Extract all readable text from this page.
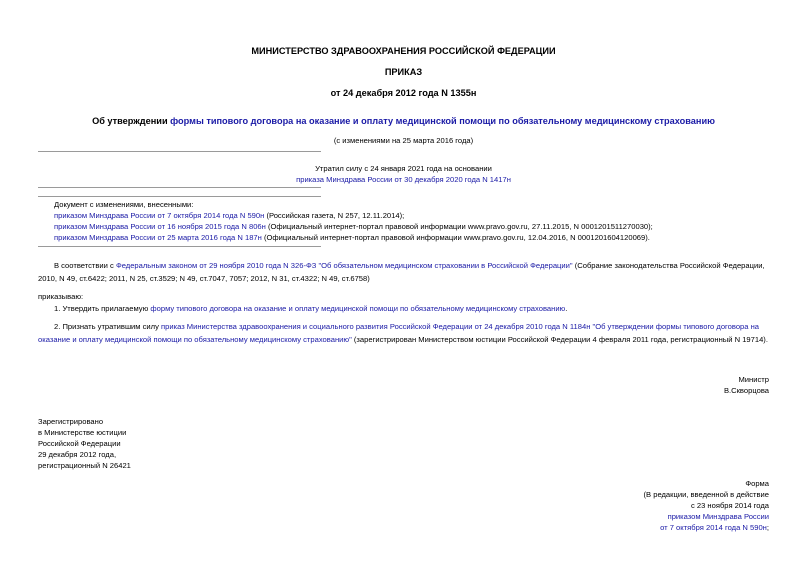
МИНИСТЕРСТВО ЗДРАВООХРАНЕНИЯ РОССИЙСКОЙ ФЕДЕРАЦИИ
ПРИКАЗ
от 24 декабря 2012 года N 1355н
Об утверждении формы типового договора на оказание и оплату медицинской помощи по обязательному медицинскому страхованию
(с изменениями на 25 марта 2016 года)
Утратил силу с 24 января 2021 года на основании
приказа Минздрава России от 30 декабря 2020 года N 1417н
Документ с изменениями, внесенными:
приказом Минздрава России от 7 октября 2014 года N 590н (Российская газета, N 257, 12.11.2014);
приказом Минздрава России от 16 ноября 2015 года N 806н (Официальный интернет-портал правовой информации www.pravo.gov.ru, 27.11.2015, N 0001201511270030);
приказом Минздрава России от 25 марта 2016 года N 187н (Официальный интернет-портал правовой информации www.pravo.gov.ru, 12.04.2016, N 0001201604120069).
В соответствии с Федеральным законом от 29 ноября 2010 года N 326-ФЗ "Об обязательном медицинском страховании в Российской Федерации" (Собрание законодательства Российской Федерации, 2010, N 49, ст.6422; 2011, N 25, ст.3529; N 49, ст.7047, 7057; 2012, N 31, ст.4322; N 49, ст.6758)
приказываю:
1. Утвердить прилагаемую форму типового договора на оказание и оплату медицинской помощи по обязательному медицинскому страхованию.
2. Признать утратившим силу приказ Министерства здравоохранения и социального развития Российской Федерации от 24 декабря 2010 года N 1184н "Об утверждении формы типового договора на оказание и оплату медицинской помощи по обязательному медицинскому страхованию" (зарегистрирован Министерством юстиции Российской Федерации 4 февраля 2011 года, регистрационный N 19714).
Министр
В.Скворцова
Зарегистрировано
в Министерстве юстиции
Российской Федерации
29 декабря 2012 года,
регистрационный N 26421
Форма
(В редакции, введенной в действие
с 23 ноября 2014 года
приказом Минздрава России
от 7 октября 2014 года N 590н;
